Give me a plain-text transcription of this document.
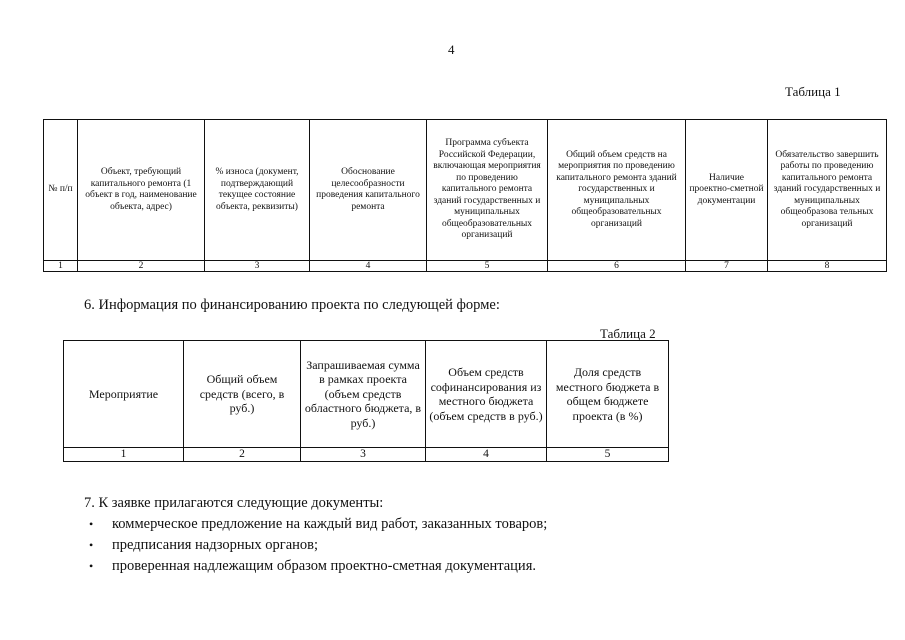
4
Таблица 1
№ п/п	Объект, требующий капитального ремонта (1 объект в год, наименование объекта, адрес)	% износа (документ, подтверждающий текущее состояние объекта, реквизиты)	Обоснование целесообразности проведения капитального ремонта	Программа субъекта Российской Федерации, включающая мероприятия по проведению капитального ремонта зданий государственных и муниципальных общеобразовательных организаций	Общий объем средств на мероприятия по проведению капитального ремонта зданий государственных и муниципальных общеобразовательных организаций	Наличие проектно-сметной документации	Обязательство завершить работы по проведению капитального ремонта зданий государственных и муниципальных общеобразова тельных организаций
1	2	3	4	5	6	7	8
6. Информация по финансированию проекта по следующей форме:
Таблица 2
Мероприятие	Общий объем средств (всего, в руб.)	Запрашиваемая сумма в рамках проекта (объем средств областного бюджета, в руб.)	Объем средств софинансирования из местного бюджета (объем средств в руб.)	Доля средств местного бюджета в общем бюджете проекта (в %)
1	2	3	4	5

7. К заявке прилагаются следующие документы:

• коммерческое предложение на каждый вид работ, заказанных товаров;
• предписания надзорных органов;
• проверенная надлежащим образом проектно-сметная документация.
